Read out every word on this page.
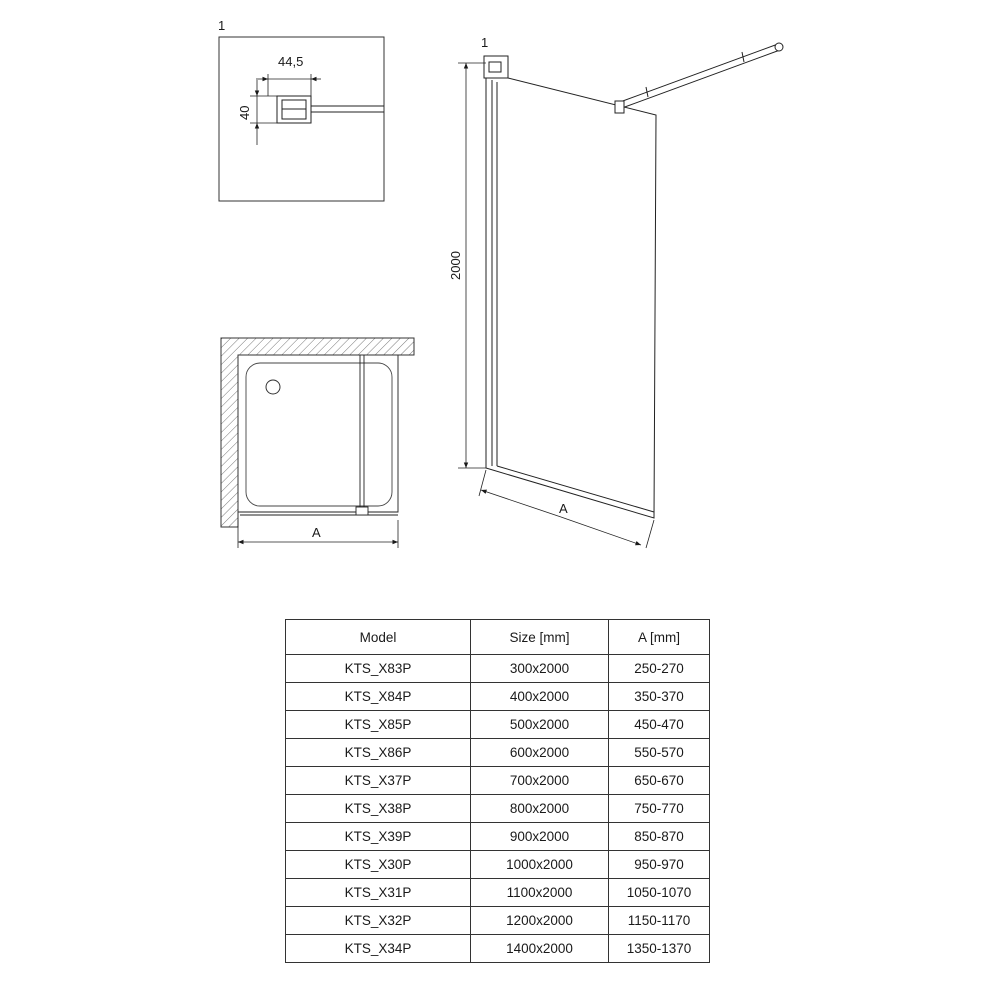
1
44,5
40
A
1
2000
A
Model	Size [mm]	A [mm]
KTS_X83P	300x2000	250-270
KTS_X84P	400x2000	350-370
KTS_X85P	500x2000	450-470
KTS_X86P	600x2000	550-570
KTS_X37P	700x2000	650-670
KTS_X38P	800x2000	750-770
KTS_X39P	900x2000	850-870
KTS_X30P	1000x2000	950-970
KTS_X31P	1100x2000	1050-1070
KTS_X32P	1200x2000	1150-1170
KTS_X34P	1400x2000	1350-1370
